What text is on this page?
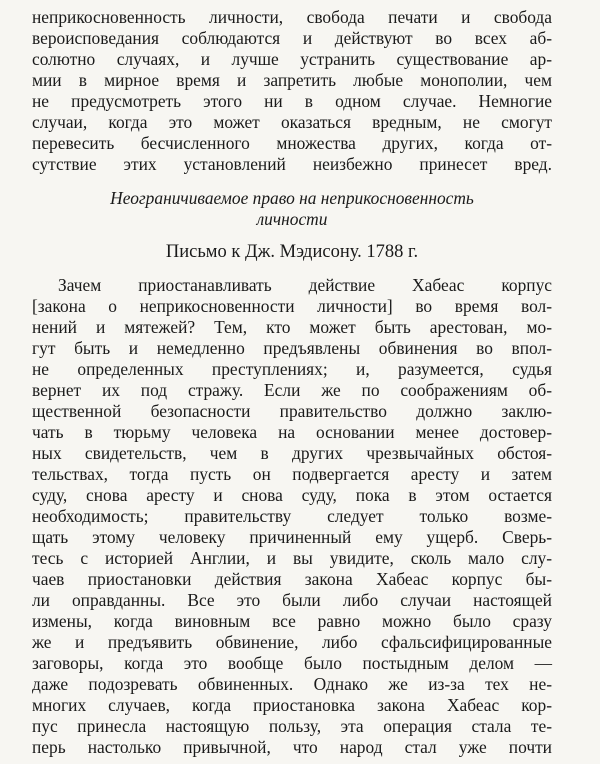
неприкосновенность личности, свобода печати и свобода
вероисповедания соблюдаются и действуют во всех аб-
солютно случаях, и лучше устранить существование ар-
мии в мирное время и запретить любые монополии, чем
не предусмотреть этого ни в одном случае. Немногие
случаи, когда это может оказаться вредным, не смогут
перевесить бесчисленного множества других, когда от-
сутствие этих установлений неизбежно принесет вред.
Неограничиваемое право на неприкосновенность
личности
Письмо к Дж. Мэдисону. 1788 г.
Зачем приостанавливать действие Хабеас корпус
[закона о неприкосновенности личности] во время вол-
нений и мятежей? Тем, кто может быть арестован, мо-
гут быть и немедленно предъявлены обвинения во впол-
не определенных преступлениях; и, разумеется, судья
вернет их под стражу. Если же по соображениям об-
щественной безопасности правительство должно заклю-
чать в тюрьму человека на основании менее достовер-
ных свидетельств, чем в других чрезвычайных обстоя-
тельствах, тогда пусть он подвергается аресту и затем
суду, снова аресту и снова суду, пока в этом остается
необходимость; правительству следует только возме-
щать этому человеку причиненный ему ущерб. Сверь-
тесь с историей Англии, и вы увидите, сколь мало слу-
чаев приостановки действия закона Хабеас корпус бы-
ли оправданны. Все это были либо случаи настоящей
измены, когда виновным все равно можно было сразу
же и предъявить обвинение, либо сфальсифицированные
заговоры, когда это вообще было постыдным делом —
даже подозревать обвиненных. Однако же из-за тех не-
многих случаев, когда приостановка закона Хабеас кор-
пус принесла настоящую пользу, эта операция стала те-
перь настолько привычной, что народ стал уже почти
